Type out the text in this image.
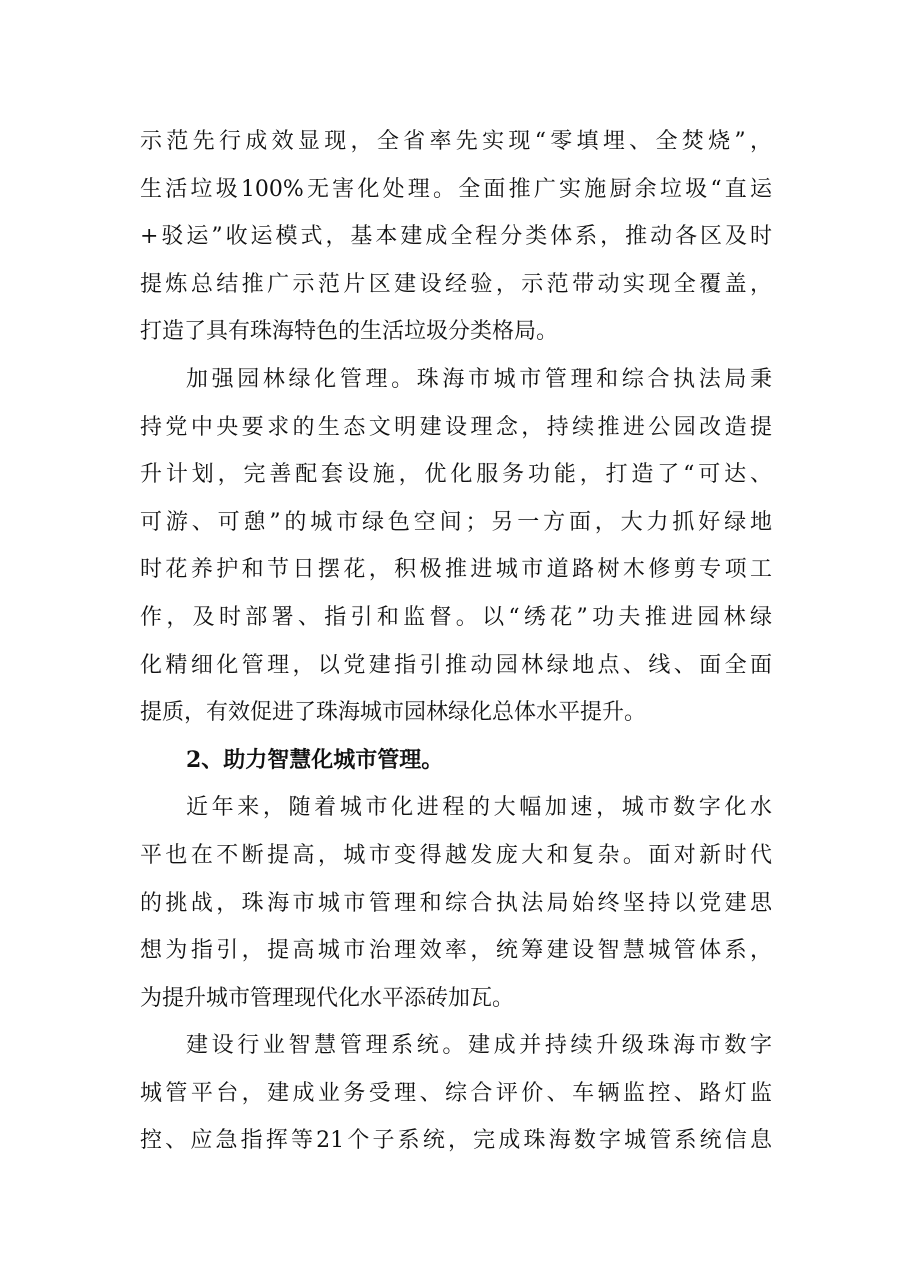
示范先行成效显现，全省率先实现“零填埋、全焚烧”，
生活垃圾100%无害化处理。全面推广实施厨余垃圾“直运
+驳运”收运模式，基本建成全程分类体系，推动各区及时
提炼总结推广示范片区建设经验，示范带动实现全覆盖，
打造了具有珠海特色的生活垃圾分类格局。
加强园林绿化管理。珠海市城市管理和综合执法局秉
持党中央要求的生态文明建设理念，持续推进公园改造提
升计划，完善配套设施，优化服务功能，打造了“可达、
可游、可憩”的城市绿色空间；另一方面，大力抓好绿地
时花养护和节日摆花，积极推进城市道路树木修剪专项工
作，及时部署、指引和监督。以“绣花”功夫推进园林绿
化精细化管理，以党建指引推动园林绿地点、线、面全面
提质，有效促进了珠海城市园林绿化总体水平提升。
2、助力智慧化城市管理。
近年来，随着城市化进程的大幅加速，城市数字化水
平也在不断提高，城市变得越发庞大和复杂。面对新时代
的挑战，珠海市城市管理和综合执法局始终坚持以党建思
想为指引，提高城市治理效率，统筹建设智慧城管体系，
为提升城市管理现代化水平添砖加瓦。
建设行业智慧管理系统。建成并持续升级珠海市数字
城管平台，建成业务受理、综合评价、车辆监控、路灯监
控、应急指挥等21个子系统，完成珠海数字城管系统信息
